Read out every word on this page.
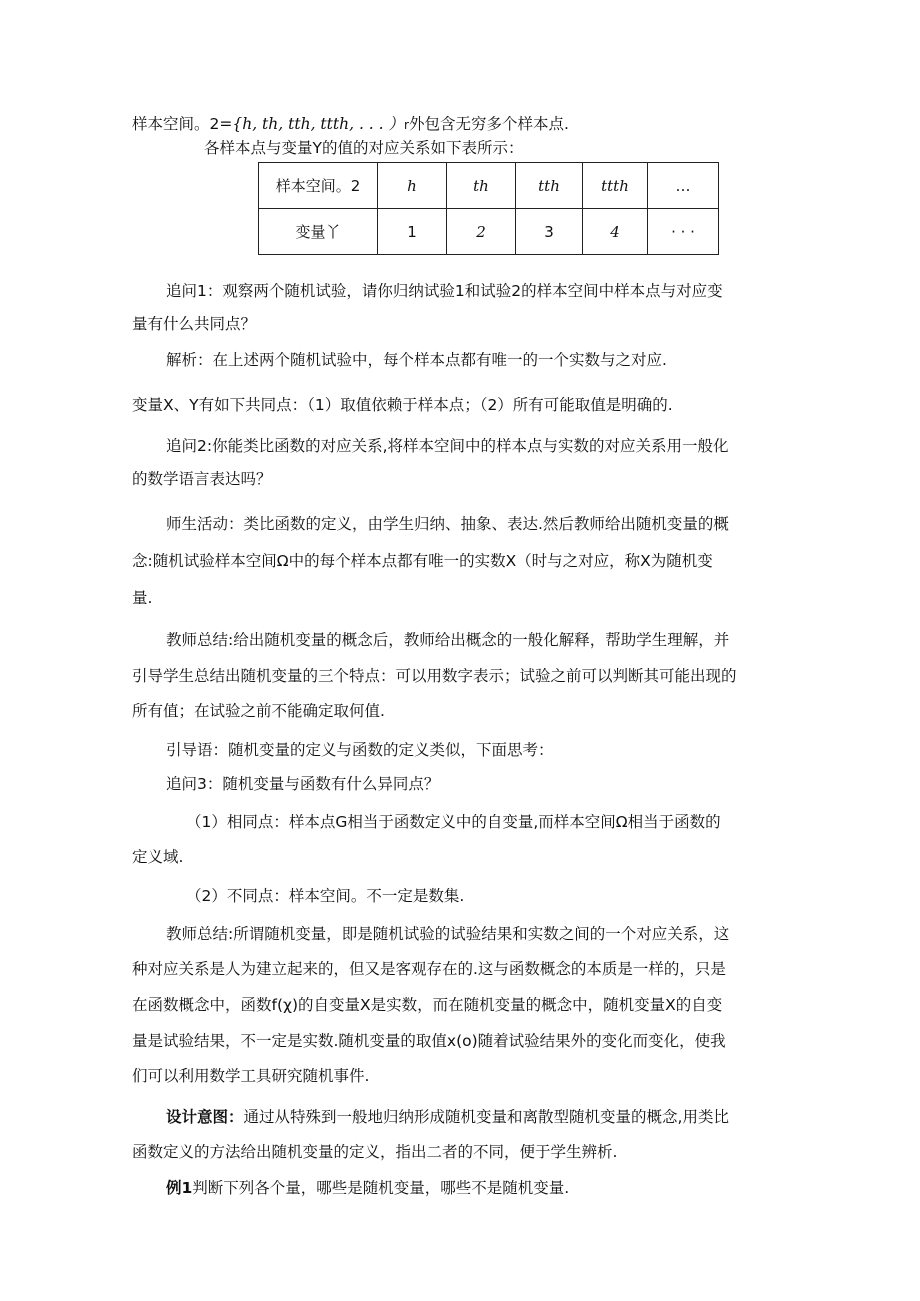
样本空间。2={h, th, tth, ttth, . . . ）r外包含无穷多个样本点.
各样本点与变量Y的值的对应关系如下表所示：
样本空间。2	h	th	tth	ttth	…
变量丫	1	2	3	4	· · ·
追问1：观察两个随机试验，请你归纳试验1和试验2的样本空间中样本点与对应变
量有什么共同点？
解析：在上述两个随机试验中，每个样本点都有唯一的一个实数与之对应.
变量X、Y有如下共同点：（1）取值依赖于样本点；（2）所有可能取值是明确的.
追问2:你能类比函数的对应关系,将样本空间中的样本点与实数的对应关系用一般化
的数学语言表达吗？
师生活动：类比函数的定义，由学生归纳、抽象、表达.然后教师给出随机变量的概
念:随机试验样本空间Ω中的每个样本点都有唯一的实数X（时与之对应，称X为随机变
量.
教师总结:给出随机变量的概念后，教师给出概念的一般化解释，帮助学生理解，并
引导学生总结出随机变量的三个特点：可以用数字表示；试验之前可以判断其可能出现的
所有值；在试验之前不能确定取何值.
引导语：随机变量的定义与函数的定义类似，下面思考：
追问3：随机变量与函数有什么异同点？
（1）相同点：样本点G相当于函数定义中的自变量,而样本空间Ω相当于函数的
定义域.
（2）不同点：样本空间。不一定是数集.
教师总结:所谓随机变量，即是随机试验的试验结果和实数之间的一个对应关系，这
种对应关系是人为建立起来的，但又是客观存在的.这与函数概念的本质是一样的，只是
在函数概念中，函数f(χ)的自变量X是实数，而在随机变量的概念中，随机变量X的自变
量是试验结果，不一定是实数.随机变量的取值x(o)随着试验结果外的变化而变化，使我
们可以利用数学工具研究随机事件.
设计意图：通过从特殊到一般地归纳形成随机变量和离散型随机变量的概念,用类比
函数定义的方法给出随机变量的定义，指出二者的不同，便于学生辨析.
例1判断下列各个量，哪些是随机变量，哪些不是随机变量.
